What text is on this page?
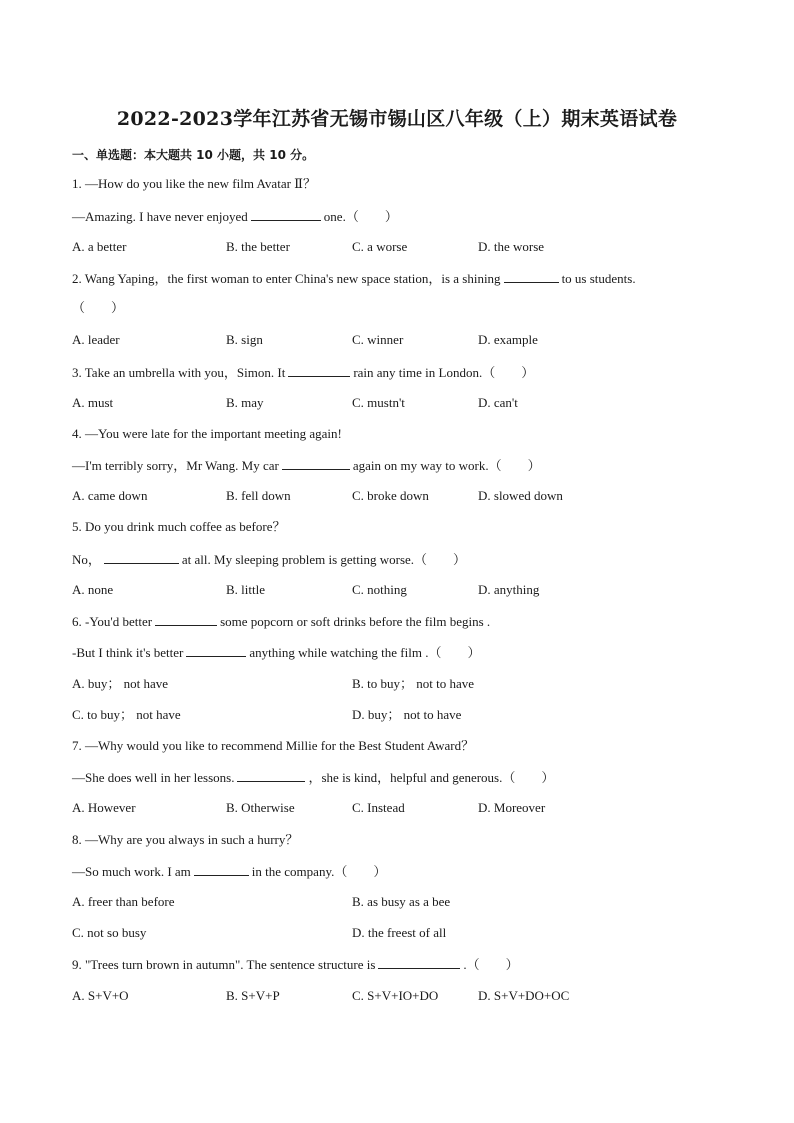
2022-2023学年江苏省无锡市锡山区八年级（上）期末英语试卷
一、单选题：本大题共 10 小题，共 10 分。
1. —How do you like the new film Avatar Ⅱ？
—Amazing. I have never enjoyed	one.（　　）
A. a better	B. the better	C. a worse	D. the worse
2. Wang Yaping，the first woman to enter China's new space station，is a shining	to us students.
（　　）
A. leader	B. sign	C. winner	D. example
3. Take an umbrella with you，Simon. It	rain any time in London.（　　）
A. must	B. may	C. mustn't	D. can't
4. —You were late for the important meeting again!
—I'm terribly sorry，Mr Wang. My car	again on my way to work.（　　）
A. came down	B. fell down	C. broke down	D. slowed down
5. Do you drink much coffee as before？
No，	at all. My sleeping problem is getting worse.（　　）
A. none	B. little	C. nothing	D. anything
6. -You'd better	some popcorn or soft drinks before the film begins .
-But I think it's better	anything while watching the film .（　　）
A. buy； not have	B. to buy； not to have
C. to buy； not have	D. buy； not to have
7. —Why would you like to recommend Millie for the Best Student Award？
—She does well in her lessons.	，she is kind，helpful and generous.（　　）
A. However	B. Otherwise	C. Instead	D. Moreover
8. —Why are you always in such a hurry？
—So much work. I am	in the company.（　　）
A. freer than before	B. as busy as a bee
C. not so busy	D. the freest of all
9. "Trees turn brown in autumn". The sentence structure is	.（　　）
A. S+V+O	B. S+V+P	C. S+V+IO+DO	D. S+V+DO+OC
